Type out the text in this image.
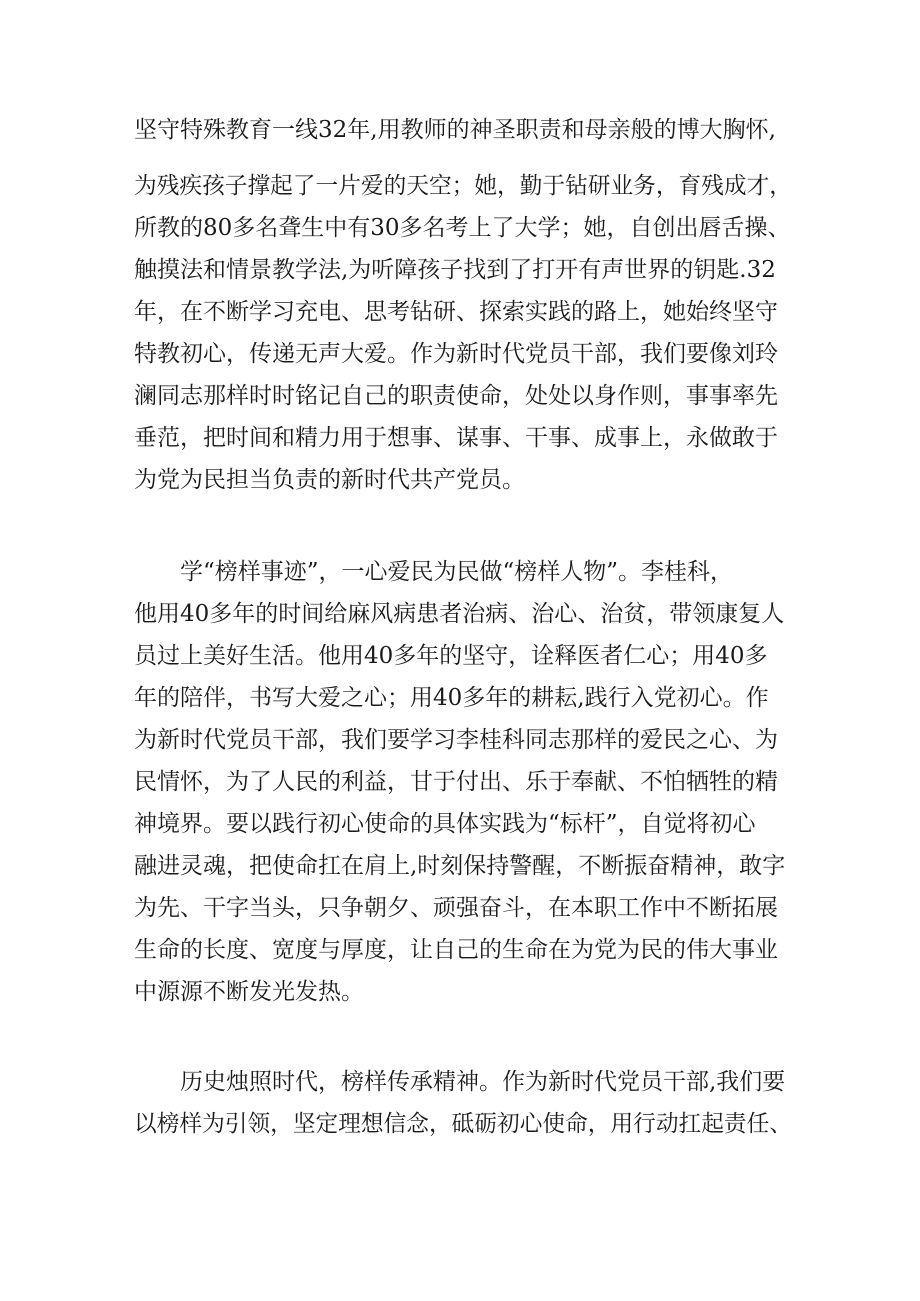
坚守特殊教育一线32年,用教师的神圣职责和母亲般的博大胸怀,
为残疾孩子撑起了一片爱的天空；她，勤于钻研业务，育残成才，
所教的80多名聋生中有30多名考上了大学；她，自创出唇舌操、
触摸法和情景教学法,为听障孩子找到了打开有声世界的钥匙.32
年，在不断学习充电、思考钻研、探索实践的路上，她始终坚守
特教初心，传递无声大爱。作为新时代党员干部，我们要像刘玲
澜同志那样时时铭记自己的职责使命，处处以身作则，事事率先
垂范，把时间和精力用于想事、谋事、干事、成事上，永做敢于
为党为民担当负责的新时代共产党员。
学“榜样事迹”，一心爱民为民做“榜样人物”。李桂科，
他用40多年的时间给麻风病患者治病、治心、治贫，带领康复人
员过上美好生活。他用40多年的坚守，诠释医者仁心；用40多
年的陪伴，书写大爱之心；用40多年的耕耘,践行入党初心。作
为新时代党员干部，我们要学习李桂科同志那样的爱民之心、为
民情怀，为了人民的利益，甘于付出、乐于奉献、不怕牺牲的精
神境界。要以践行初心使命的具体实践为“标杆”，自觉将初心
融进灵魂，把使命扛在肩上,时刻保持警醒，不断振奋精神，敢字
为先、干字当头，只争朝夕、顽强奋斗，在本职工作中不断拓展
生命的长度、宽度与厚度，让自己的生命在为党为民的伟大事业
中源源不断发光发热。
历史烛照时代，榜样传承精神。作为新时代党员干部,我们要
以榜样为引领，坚定理想信念，砥砺初心使命，用行动扛起责任、
